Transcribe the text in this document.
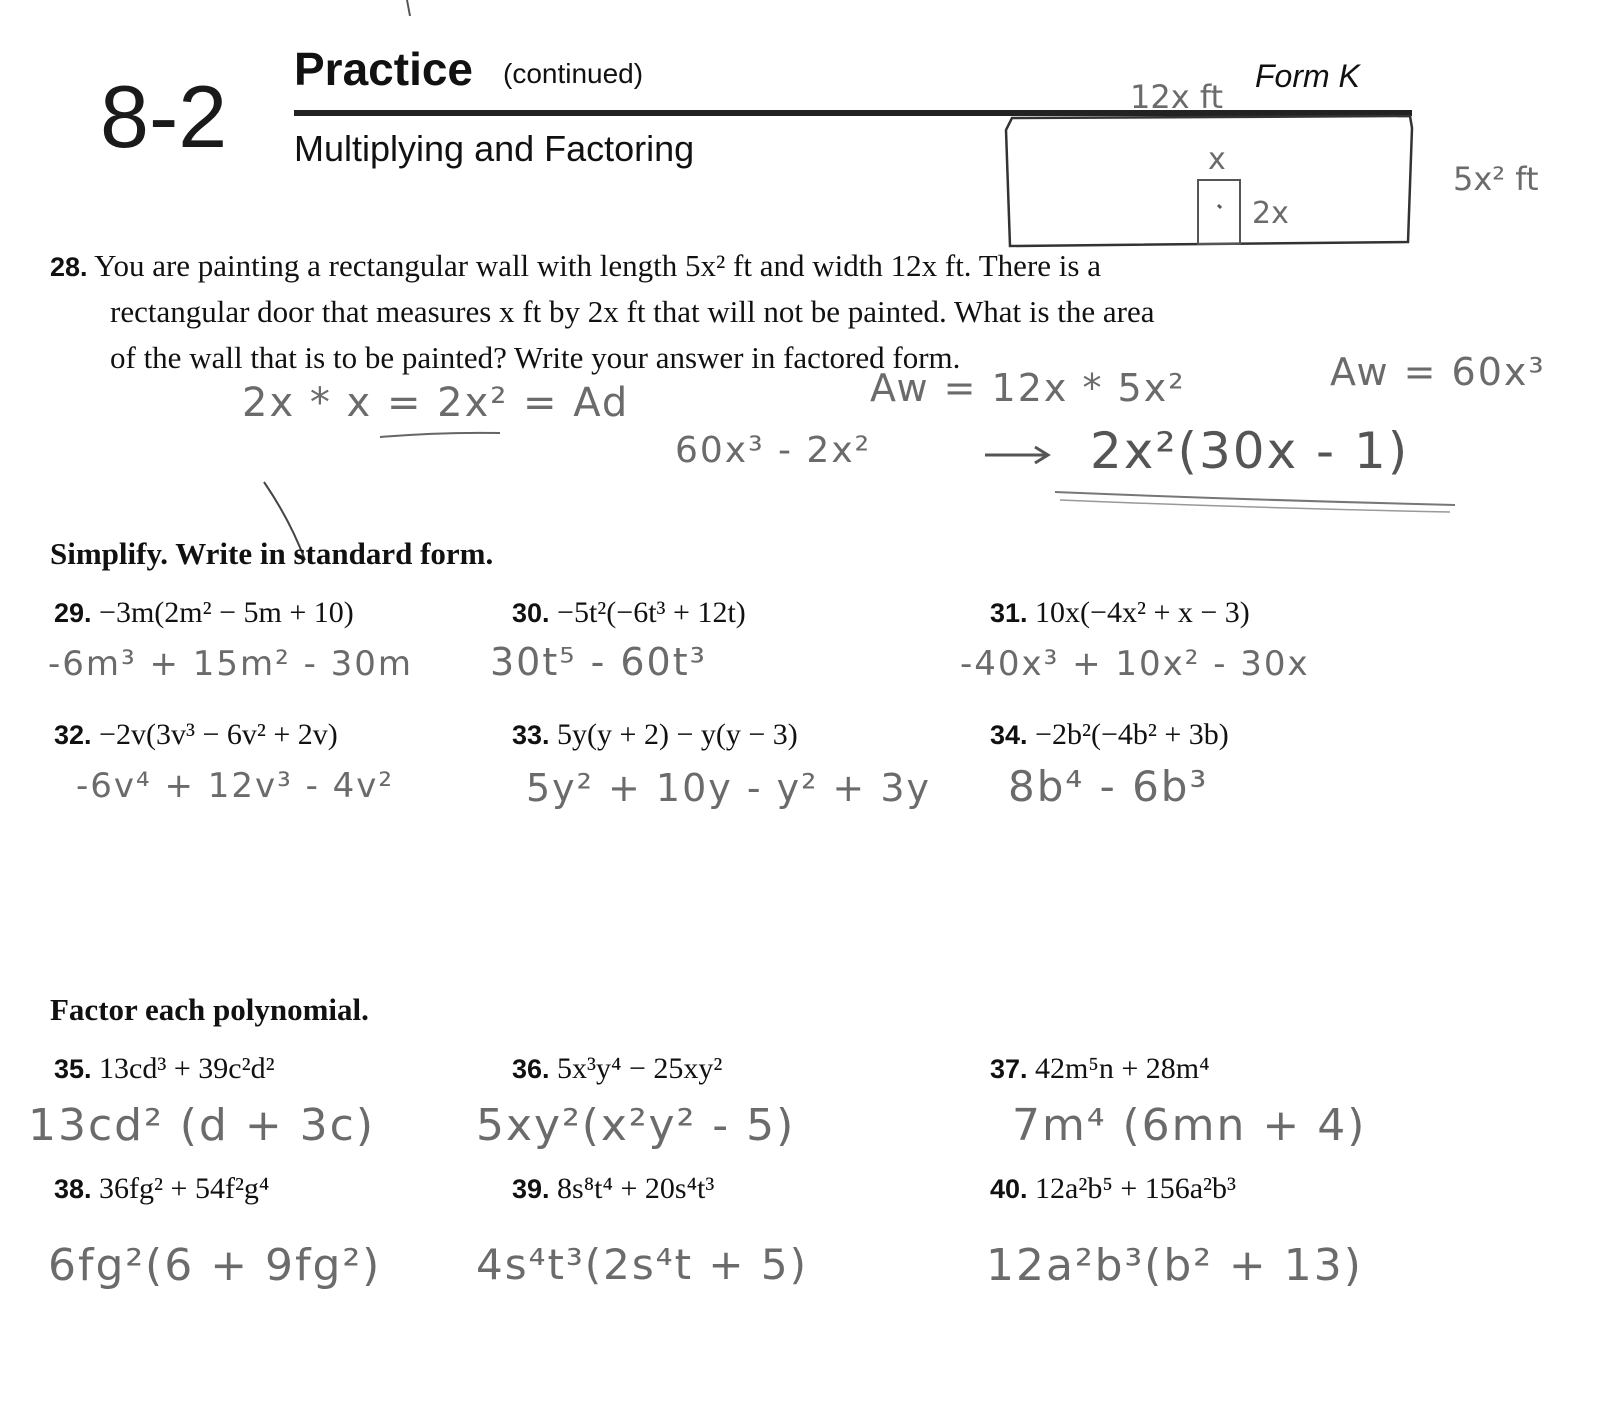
8-2 Practice (continued)	Form K
Multiplying and Factoring
12x ft
5x² ft
x
2x
28. You are painting a rectangular wall with length 5x² ft and width 12x ft. There is a
rectangular door that measures x ft by 2x ft that will not be painted. What is the area
of the wall that is to be painted? Write your answer in factored form.
2x * x = 2x² = Ad	Aw = 12x * 5x²	Aw = 60x³
60x³ - 2x²	2x²(30x - 1)
Simplify. Write in standard form.
29. −3m(2m² − 5m + 10)
-6m³ + 15m² - 30m
30. −5t²(−6t³ + 12t)
30t⁵ - 60t³
31. 10x(−4x² + x − 3)
-40x³ + 10x² - 30x
32. −2v(3v³ − 6v² + 2v)
-6v⁴ + 12v³ - 4v²
33. 5y(y + 2) − y(y − 3)
5y² + 10y - y² + 3y
34. −2b²(−4b² + 3b)
8b⁴ - 6b³
Factor each polynomial.
35. 13cd³ + 39c²d²
13cd² (d + 3c)
36. 5x³y⁴ − 25xy²
5xy²(x²y² - 5)
37. 42m⁵n + 28m⁴
7m⁴ (6mn + 4)
38. 36fg² + 54f²g⁴
6fg²(6 + 9fg²)
39. 8s⁸t⁴ + 20s⁴t³
4s⁴t³(2s⁴t + 5)
40. 12a²b⁵ + 156a²b³
12a²b³(b² + 13)
